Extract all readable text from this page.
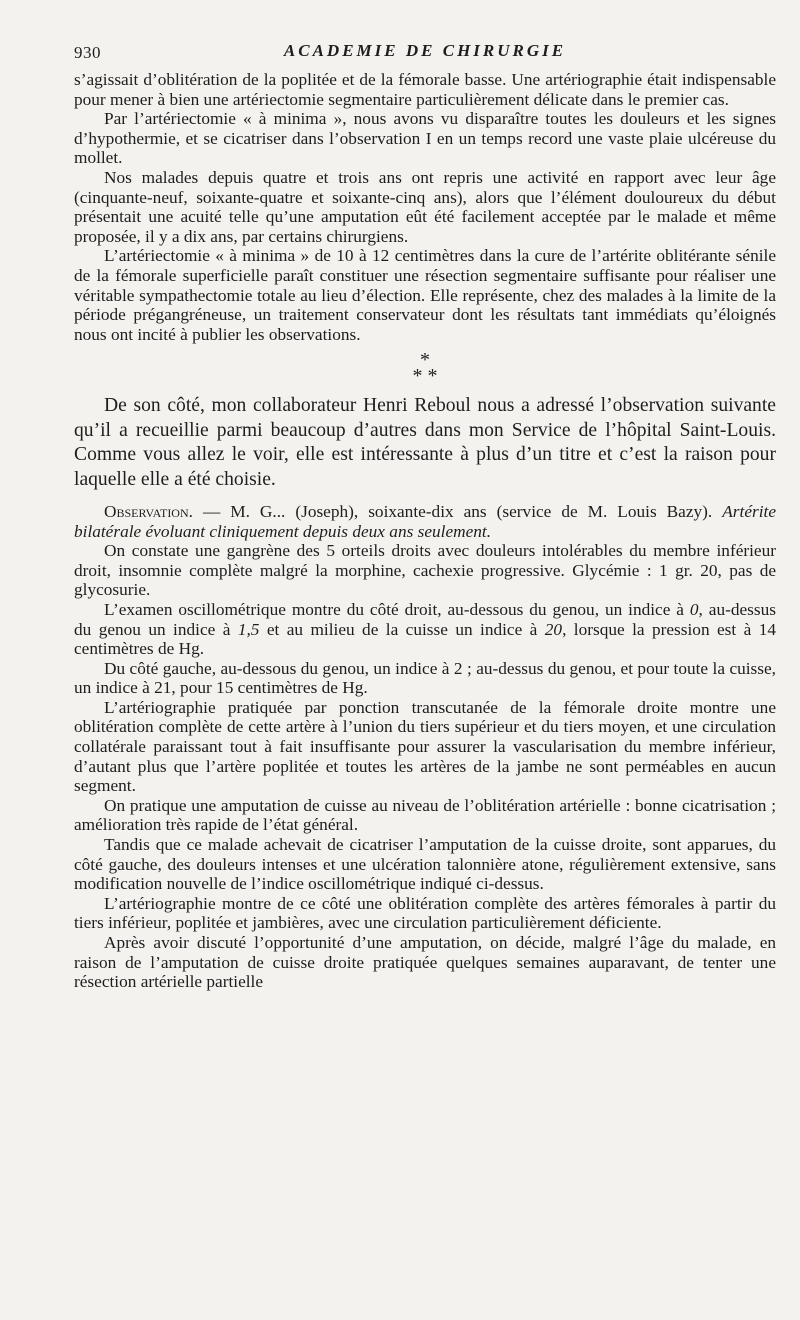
930	ACADEMIE DE CHIRURGIE

s’agissait d’oblitération de la poplitée et de la fémorale basse. Une artériographie était indispensable pour mener à bien une artériectomie segmentaire particulièrement délicate dans le premier cas.

Par l’artériectomie « à minima », nous avons vu disparaître toutes les douleurs et les signes d’hypothermie, et se cicatriser dans l’observation I en un temps record une vaste plaie ulcéreuse du mollet.

Nos malades depuis quatre et trois ans ont repris une activité en rapport avec leur âge (cinquante-neuf, soixante-quatre et soixante-cinq ans), alors que l’élément douloureux du début présentait une acuité telle qu’une amputation eût été facilement acceptée par le malade et même proposée, il y a dix ans, par certains chirurgiens.

L’artériectomie « à minima » de 10 à 12 centimètres dans la cure de l’artérite oblitérante sénile de la fémorale superficielle paraît constituer une résection segmentaire suffisante pour réaliser une véritable sympathectomie totale au lieu d’élection. Elle représente, chez des malades à la limite de la période prégangréneuse, un traitement conservateur dont les résultats tant immédiats qu’éloignés nous ont incité à publier les observations.

*
* *

De son côté, mon collaborateur Henri Reboul nous a adressé l’observation suivante qu’il a recueillie parmi beaucoup d’autres dans mon Service de l’hôpital Saint-Louis. Comme vous allez le voir, elle est intéressante à plus d’un titre et c’est la raison pour laquelle elle a été choisie.

Observation. — M. G... (Joseph), soixante-dix ans (service de M. Louis Bazy). Artérite bilatérale évoluant cliniquement depuis deux ans seulement.

On constate une gangrène des 5 orteils droits avec douleurs intolérables du membre inférieur droit, insomnie complète malgré la morphine, cachexie progressive. Glycémie : 1 gr. 20, pas de glycosurie.

L’examen oscillométrique montre du côté droit, au-dessous du genou, un indice à 0, au-dessus du genou un indice à 1,5 et au milieu de la cuisse un indice à 20, lorsque la pression est à 14 centimètres de Hg.

Du côté gauche, au-dessous du genou, un indice à 2 ; au-dessus du genou, et pour toute la cuisse, un indice à 21, pour 15 centimètres de Hg.

L’artériographie pratiquée par ponction transcutanée de la fémorale droite montre une oblitération complète de cette artère à l’union du tiers supérieur et du tiers moyen, et une circulation collatérale paraissant tout à fait insuffisante pour assurer la vascularisation du membre inférieur, d’autant plus que l’artère poplitée et toutes les artères de la jambe ne sont perméables en aucun segment.

On pratique une amputation de cuisse au niveau de l’oblitération artérielle : bonne cicatrisation ; amélioration très rapide de l’état général.

Tandis que ce malade achevait de cicatriser l’amputation de la cuisse droite, sont apparues, du côté gauche, des douleurs intenses et une ulcération talonnière atone, régulièrement extensive, sans modification nouvelle de l’indice oscillométrique indiqué ci-dessus.

L’artériographie montre de ce côté une oblitération complète des artères fémorales à partir du tiers inférieur, poplitée et jambières, avec une circulation particulièrement déficiente.

Après avoir discuté l’opportunité d’une amputation, on décide, malgré l’âge du malade, en raison de l’amputation de cuisse droite pratiquée quelques semaines auparavant, de tenter une résection artérielle partielle
